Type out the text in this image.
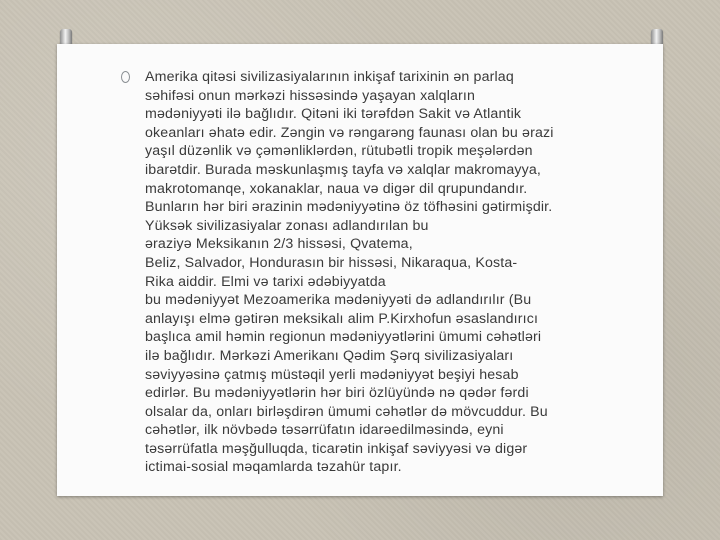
Amerika qitəsi sivilizasiyalarının inkişaf tarixinin ən parlaq
səhifəsi onun mərkəzi hissəsində yaşayan xalqların
mədəniyyəti ilə bağlıdır. Qitəni iki tərəfdən Sakit və Atlantik
okeanları əhatə edir. Zəngin və rəngarəng faunası olan bu ərazi
yaşıl düzənlik və çəmənliklərdən, rütubətli tropik meşələrdən
ibarətdir. Burada məskunlaşmış tayfa və xalqlar makromayya,
makrotomanqe, xokanaklar, naua və digər dil qrupundandır.
Bunların hər biri ərazinin mədəniyyətinə öz töfhəsini gətirmişdir.
Yüksək sivilizasiyalar zonası adlandırılan bu
əraziyə Meksikanın 2/3 hissəsi, Qvatema,
Beliz, Salvador, Hondurasın bir hissəsi, Nikaraqua, Kosta-
Rika aiddir. Elmi və tarixi ədəbiyyatda
bu mədəniyyət Mezoamerika mədəniyyəti də adlandırılır (Bu
anlayışı elmə gətirən meksikalı alim P.Kirxhofun əsaslandırıcı
başlıca amil həmin regionun mədəniyyətlərini ümumi cəhətləri
ilə bağlıdır. Mərkəzi Amerikanı Qədim Şərq sivilizasiyaları
səviyyəsinə çatmış müstəqil yerli mədəniyyət beşiyi hesab
edirlər. Bu mədəniyyətlərin hər biri özlüyündə nə qədər fərdi
olsalar da, onları birləşdirən ümumi cəhətlər də mövcuddur. Bu
cəhətlər, ilk növbədə təsərrüfatın idarəedilməsində, eyni
təsərrüfatla məşğulluqda, ticarətin inkişaf səviyyəsi və digər
ictimai-sosial məqamlarda təzahür tapır.
